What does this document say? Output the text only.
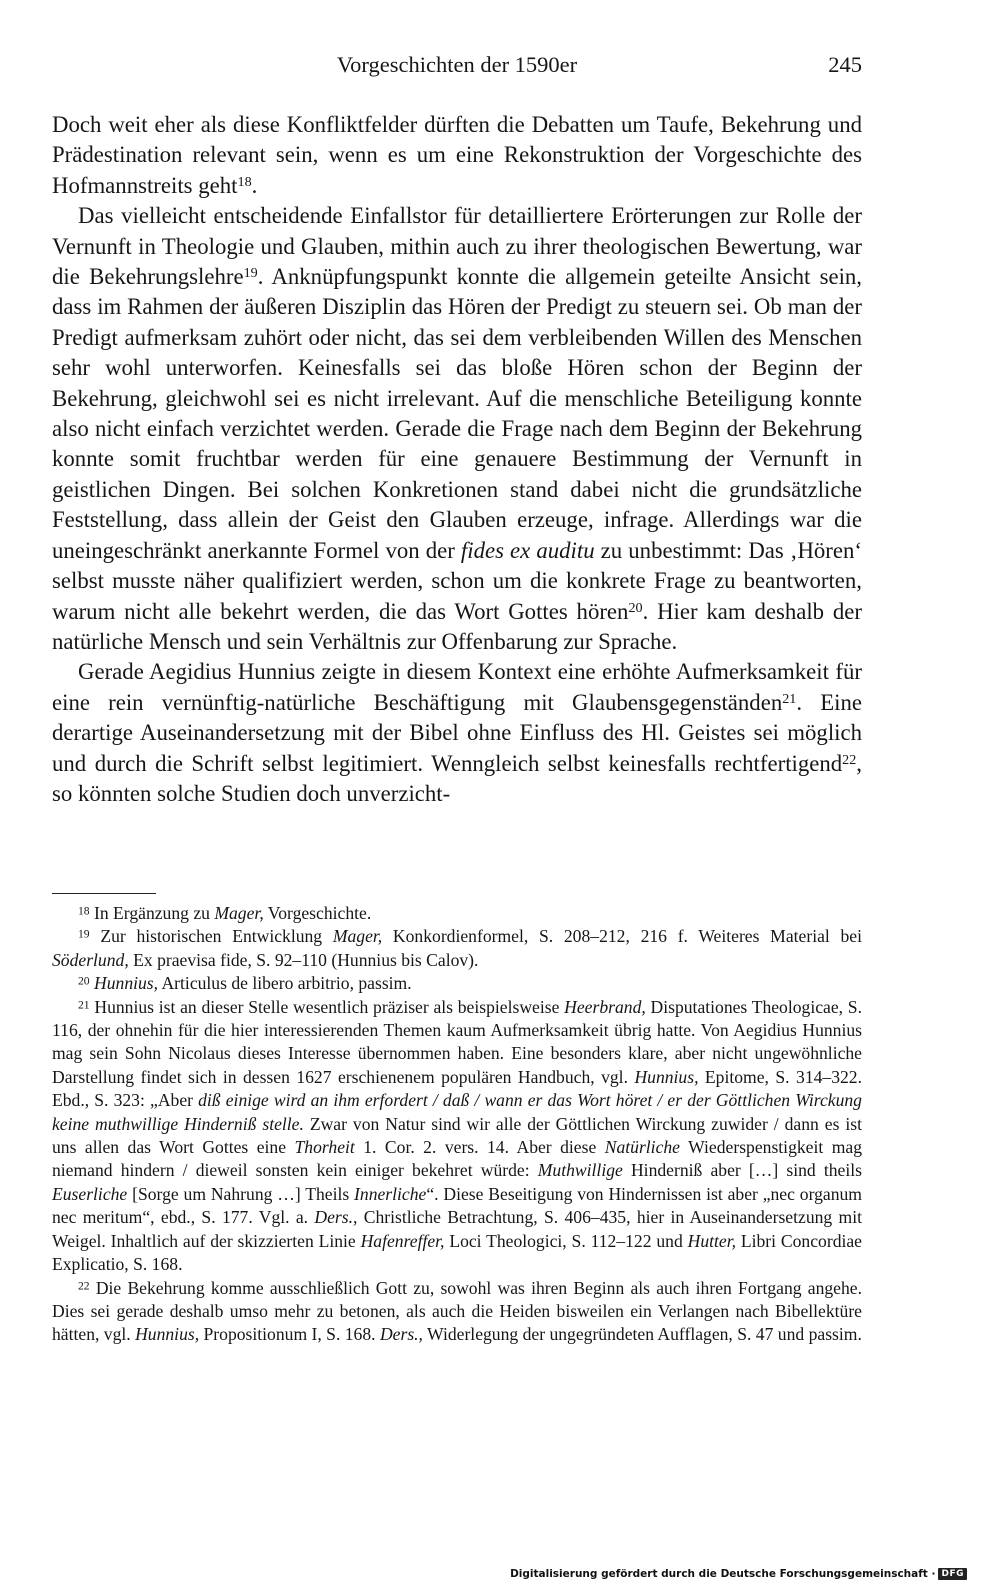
Vorgeschichten der 1590er	245

Doch weit eher als diese Konfliktfelder dürften die Debatten um Taufe, Bekehrung und Prädestination relevant sein, wenn es um eine Rekonstruktion der Vorgeschichte des Hofmannstreits geht$^{18}$.

Das vielleicht entscheidende Einfallstor für detailliertere Erörterungen zur Rolle der Vernunft in Theologie und Glauben, mithin auch zu ihrer theologischen Bewertung, war die Bekehrungslehre$^{19}$. Anknüpfungspunkt konnte die allgemein geteilte Ansicht sein, dass im Rahmen der äußeren Disziplin das Hören der Predigt zu steuern sei. Ob man der Predigt aufmerksam zuhört oder nicht, das sei dem verbleibenden Willen des Menschen sehr wohl unterworfen. Keinesfalls sei das bloße Hören schon der Beginn der Bekehrung, gleichwohl sei es nicht irrelevant. Auf die menschliche Beteiligung konnte also nicht einfach verzichtet werden. Gerade die Frage nach dem Beginn der Bekehrung konnte somit fruchtbar werden für eine genauere Bestimmung der Vernunft in geistlichen Dingen. Bei solchen Konkretionen stand dabei nicht die grundsätzliche Feststellung, dass allein der Geist den Glauben erzeuge, infrage. Allerdings war die uneingeschränkt anerkannte Formel von der fides ex auditu zu unbestimmt: Das ‚Hören‘ selbst musste näher qualifiziert werden, schon um die konkrete Frage zu beantworten, warum nicht alle bekehrt werden, die das Wort Gottes hören$^{20}$. Hier kam deshalb der natürliche Mensch und sein Verhältnis zur Offenbarung zur Sprache.

Gerade Aegidius Hunnius zeigte in diesem Kontext eine erhöhte Aufmerksamkeit für eine rein vernünftig-natürliche Beschäftigung mit Glaubensgegenständen$^{21}$. Eine derartige Auseinandersetzung mit der Bibel ohne Einfluss des Hl. Geistes sei möglich und durch die Schrift selbst legitimiert. Wenngleich selbst keinesfalls rechtfertigend$^{22}$, so könnten solche Studien doch unverzicht-

$^{18}$ In Ergänzung zu Mager, Vorgeschichte.

$^{19}$ Zur historischen Entwicklung Mager, Konkordienformel, S. 208–212, 216 f. Weiteres Material bei Söderlund, Ex praevisa fide, S. 92–110 (Hunnius bis Calov).

$^{20}$ Hunnius, Articulus de libero arbitrio, passim.

$^{21}$ Hunnius ist an dieser Stelle wesentlich präziser als beispielsweise Heerbrand, Disputationes Theologicae, S. 116, der ohnehin für die hier interessierenden Themen kaum Aufmerksamkeit übrig hatte. Von Aegidius Hunnius mag sein Sohn Nicolaus dieses Interesse übernommen haben. Eine besonders klare, aber nicht ungewöhnliche Darstellung findet sich in dessen 1627 erschienenem populären Handbuch, vgl. Hunnius, Epitome, S. 314–322. Ebd., S. 323: „Aber diß einige wird an ihm erfordert / daß / wann er das Wort höret / er der Göttlichen Wirckung keine muthwillige Hinderniß stelle. Zwar von Natur sind wir alle der Göttlichen Wirckung zuwider / dann es ist uns allen das Wort Gottes eine Thorheit 1. Cor. 2. vers. 14. Aber diese Natürliche Wiederspenstigkeit mag niemand hindern / dieweil sonsten kein einiger bekehret würde: Muthwillige Hinderniß aber […] sind theils Euserliche [Sorge um Nahrung …] Theils Innerliche“. Diese Beseitigung von Hindernissen ist aber „nec organum nec meritum“, ebd., S. 177. Vgl. a. Ders., Christliche Betrachtung, S. 406–435, hier in Auseinandersetzung mit Weigel. Inhaltlich auf der skizzierten Linie Hafenreffer, Loci Theologici, S. 112–122 und Hutter, Libri Concordiae Explicatio, S. 168.

$^{22}$ Die Bekehrung komme ausschließlich Gott zu, sowohl was ihren Beginn als auch ihren Fortgang angehe. Dies sei gerade deshalb umso mehr zu betonen, als auch die Heiden bisweilen ein Verlangen nach Bibellektüre hätten, vgl. Hunnius, Propositionum I, S. 168. Ders., Widerlegung der ungegründeten Aufflagen, S. 47 und passim.

Digitalisierung gefördert durch die Deutsche Forschungsgemeinschaft · DFG
